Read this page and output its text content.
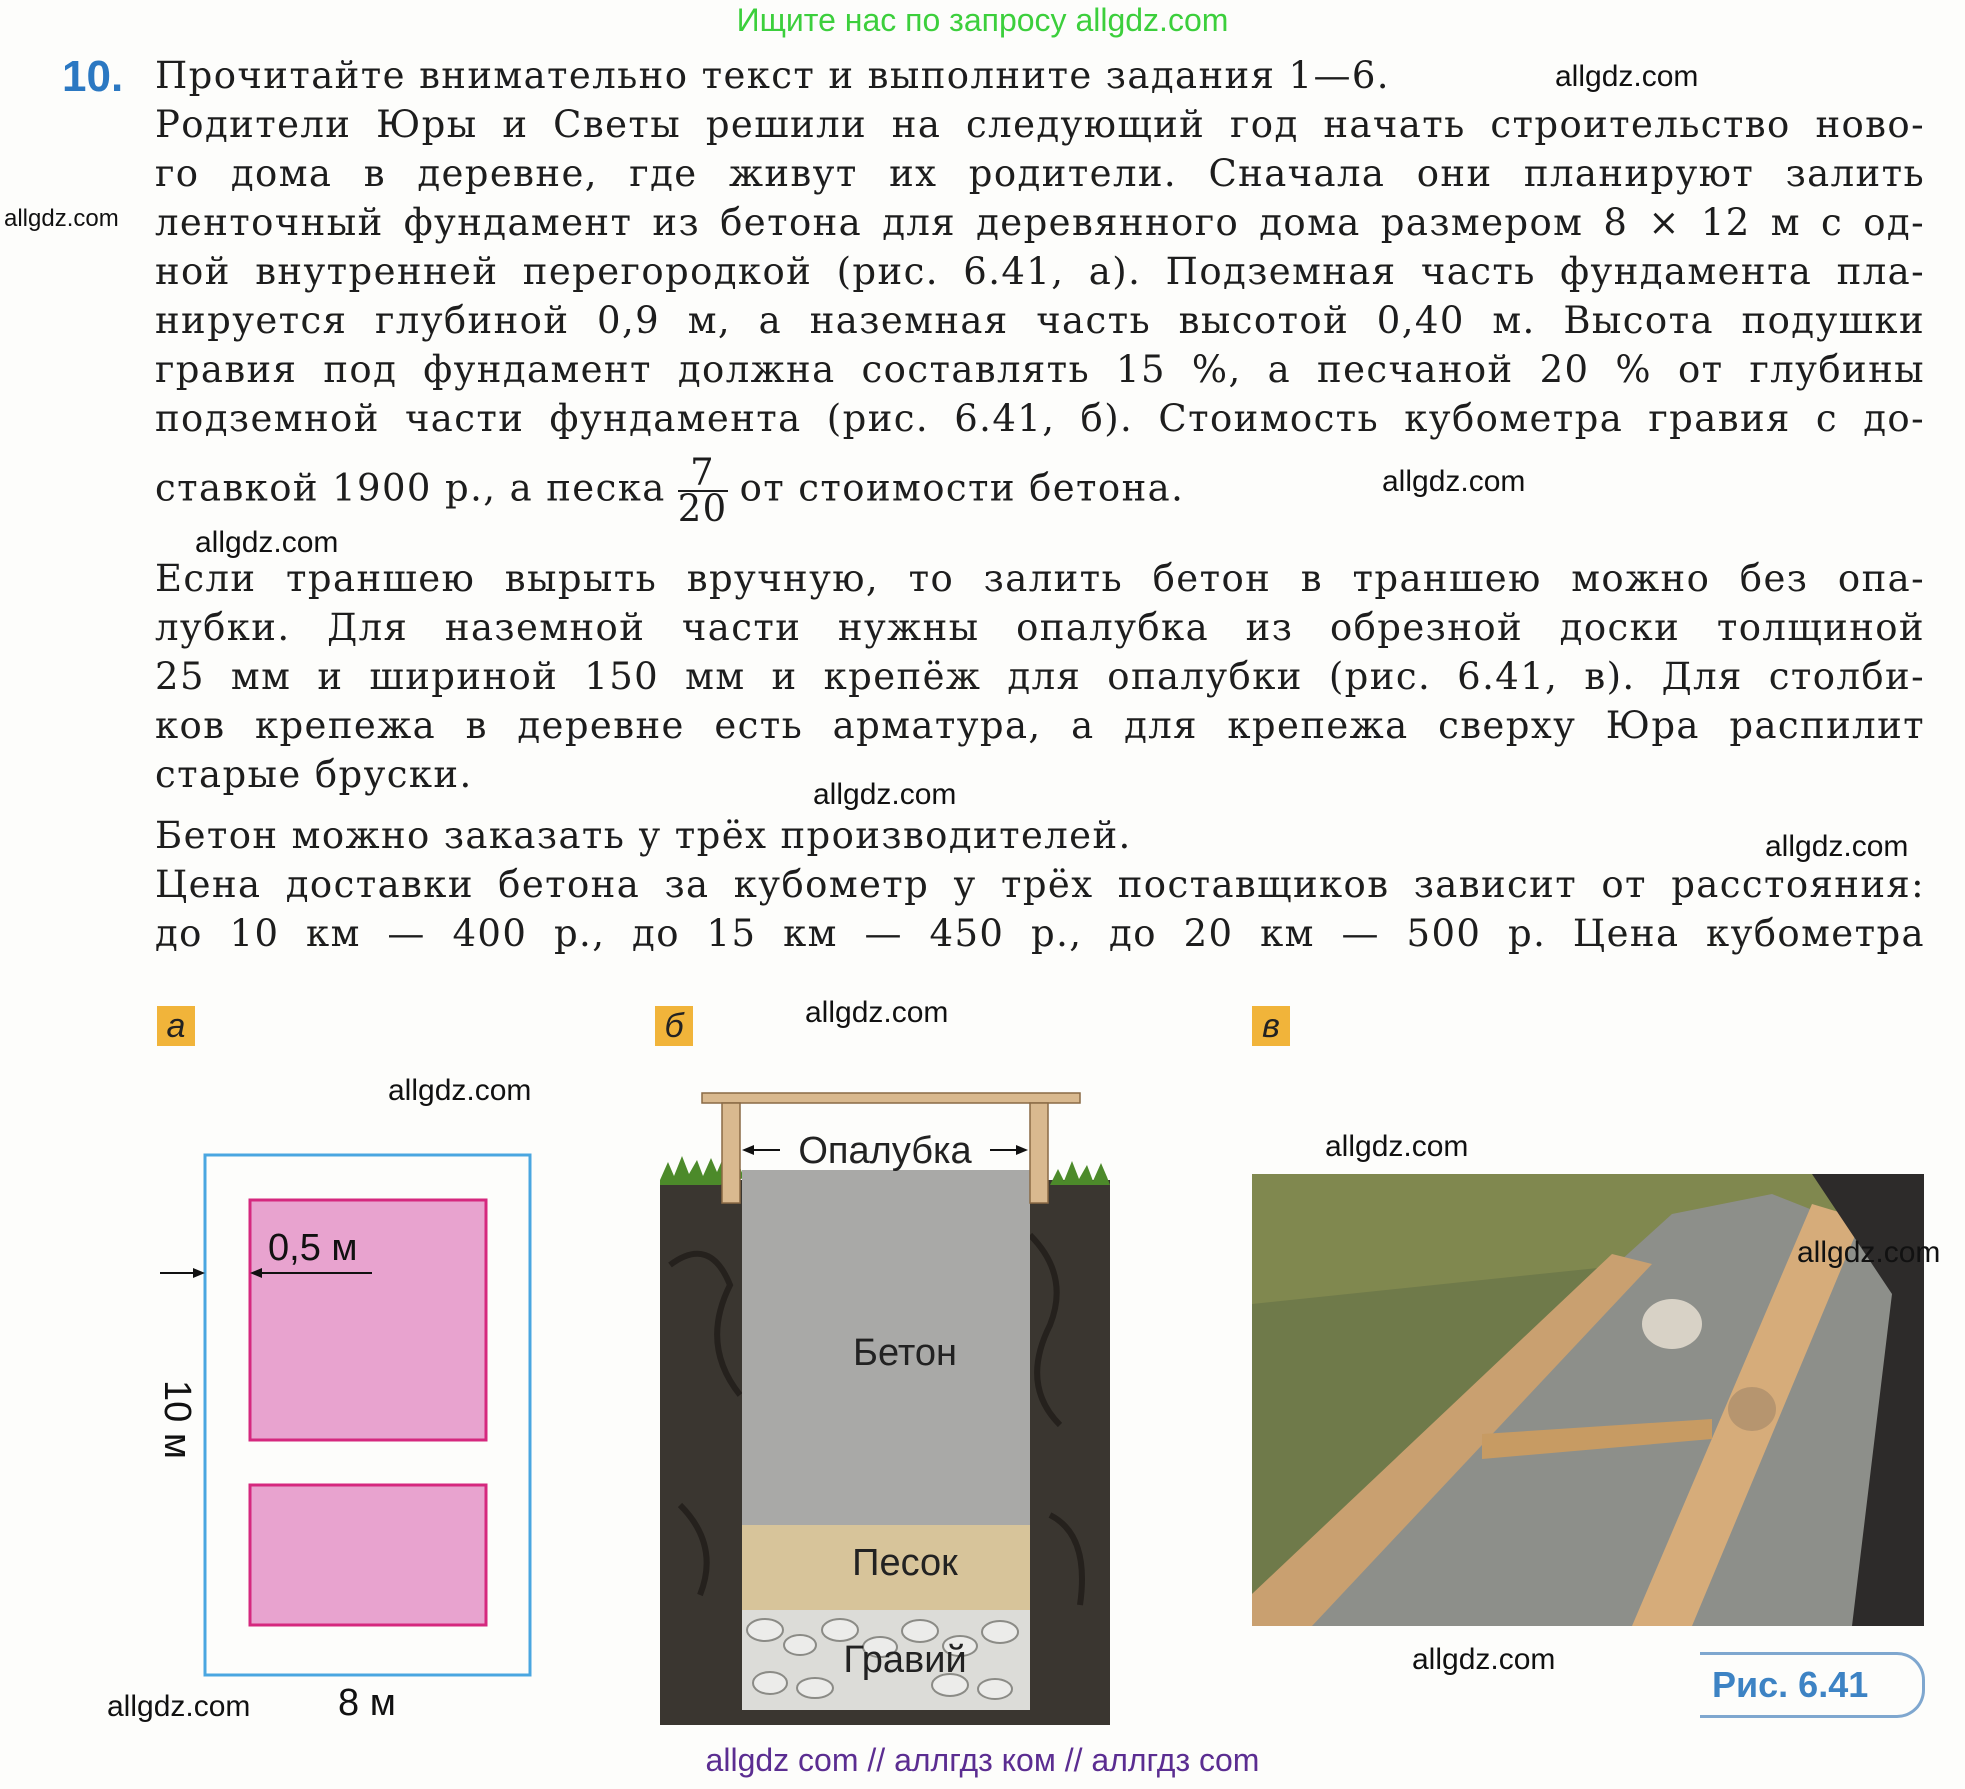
Ищите нас по запросу allgdz.com
10. Прочитайте внимательно текст и выполните задания 1—6.
Родители Юры и Светы решили на следующий год начать строительство ново-
го дома в деревне, где живут их родители. Сначала они планируют залить
ленточный фундамент из бетона для деревянного дома размером 8 × 12 м с од-
ной внутренней перегородкой (рис. 6.41, а). Подземная часть фундамента пла-
нируется глубиной 0,9 м, а наземная часть высотой 0,40 м. Высота подушки
гравия под фундамент должна составлять 15 %, а песчаной 20 % от глубины
подземной части фундамента (рис. 6.41, б). Стоимость кубометра гравия с до-
ставкой 1900 р., а песка $\frac{7}{20}$ от стоимости бетона.
Если траншею вырыть вручную, то залить бетон в траншею можно без опа-
лубки. Для наземной части нужны опалубка из обрезной доски толщиной
25 мм и шириной 150 мм и крепёж для опалубки (рис. 6.41, в). Для столби-
ков крепежа в деревне есть арматура, а для крепежа сверху Юра распилит
старые бруски.
Бетон можно заказать у трёх производителей.
Цена доставки бетона за кубометр у трёх поставщиков зависит от расстояния:
до 10 км — 400 р., до 15 км — 450 р., до 20 км — 500 р. Цена кубометра
а	б	в
0,5 м
10 м
8 м
Опалубка
Бетон
Песок
Гравий
Рис. 6.41
allgdz.com
allgdz.com
allgdz.com
allgdz.com
allgdz.com
allgdz.com
allgdz.com
allgdz.com
allgdz.com
allgdz.com
allgdz.com
allgdz.com
allgdz com // аллгдз ком // аллгдз com
